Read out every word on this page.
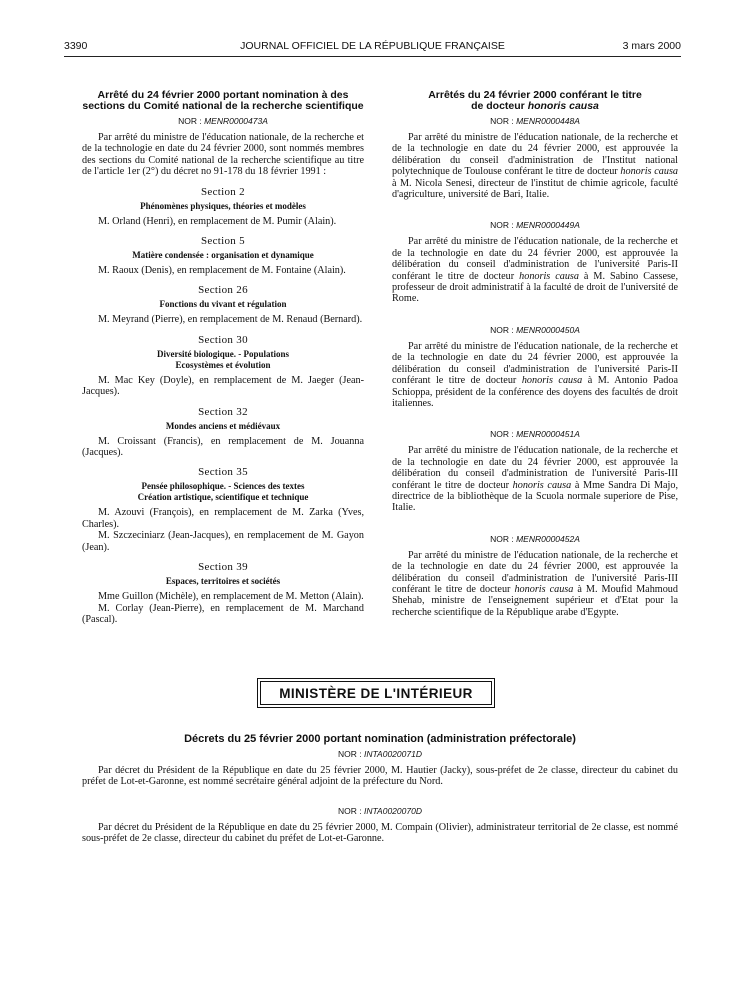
3390	JOURNAL OFFICIEL DE LA RÉPUBLIQUE FRANÇAISE	3 mars 2000
Arrêté du 24 février 2000 portant nomination à des sections du Comité national de la recherche scientifique
NOR : MENR0000473A

Par arrêté du ministre de l'éducation nationale, de la recherche et de la technologie en date du 24 février 2000, sont nommés membres des sections du Comité national de la recherche scientifique au titre de l'article 1er (2°) du décret no 91-178 du 18 février 1991 :

Section 2
Phénomènes physiques, théories et modèles

M. Orland (Henri), en remplacement de M. Pumir (Alain).

Section 5
Matière condensée : organisation et dynamique

M. Raoux (Denis), en remplacement de M. Fontaine (Alain).

Section 26
Fonctions du vivant et régulation

M. Meyrand (Pierre), en remplacement de M. Renaud (Bernard).

Section 30
Diversité biologique. - Populations
Ecosystèmes et évolution

M. Mac Key (Doyle), en remplacement de M. Jaeger (Jean-Jacques).

Section 32
Mondes anciens et médiévaux

M. Croissant (Francis), en remplacement de M. Jouanna (Jacques).

Section 35
Pensée philosophique. - Sciences des textes
Création artistique, scientifique et technique

M. Azouvi (François), en remplacement de M. Zarka (Yves, Charles).

M. Szczeciniarz (Jean-Jacques), en remplacement de M. Gayon (Jean).

Section 39
Espaces, territoires et sociétés

Mme Guillon (Michèle), en remplacement de M. Metton (Alain).

M. Corlay (Jean-Pierre), en remplacement de M. Marchand (Pascal).

Arrêtés du 24 février 2000 conférant le titre
de docteur honoris causa
NOR : MENR0000448A

Par arrêté du ministre de l'éducation nationale, de la recherche et de la technologie en date du 24 février 2000, est approuvée la délibération du conseil d'administration de l'Institut national polytechnique de Toulouse conférant le titre de docteur honoris causa à M. Nicola Senesi, directeur de l'institut de chimie agricole, faculté d'agriculture, université de Bari, Italie.

NOR : MENR0000449A

Par arrêté du ministre de l'éducation nationale, de la recherche et de la technologie en date du 24 février 2000, est approuvée la délibération du conseil d'administration de l'université Paris-II conférant le titre de docteur honoris causa à M. Sabino Cassese, professeur de droit administratif à la faculté de droit de l'université de Rome.

NOR : MENR0000450A

Par arrêté du ministre de l'éducation nationale, de la recherche et de la technologie en date du 24 février 2000, est approuvée la délibération du conseil d'administration de l'université Paris-II conférant le titre de docteur honoris causa à M. Antonio Padoa Schioppa, président de la conférence des doyens des facultés de droit italiennes.

NOR : MENR0000451A

Par arrêté du ministre de l'éducation nationale, de la recherche et de la technologie en date du 24 février 2000, est approuvée la délibération du conseil d'administration de l'université Paris-III conférant le titre de docteur honoris causa à Mme Sandra Di Majo, directrice de la bibliothèque de la Scuola normale superiore de Pise, Italie.

NOR : MENR0000452A

Par arrêté du ministre de l'éducation nationale, de la recherche et de la technologie en date du 24 février 2000, est approuvée la délibération du conseil d'administration de l'université Paris-III conférant le titre de docteur honoris causa à M. Moufid Mahmoud Shehab, ministre de l'enseignement supérieur et d'Etat pour la recherche scientifique de la République arabe d'Egypte.

MINISTÈRE DE L'INTÉRIEUR
Décrets du 25 février 2000 portant nomination (administration préfectorale)
NOR : INTA0020071D

Par décret du Président de la République en date du 25 février 2000, M. Hautier (Jacky), sous-préfet de 2e classe, directeur du cabinet du préfet de Lot-et-Garonne, est nommé secrétaire général adjoint de la préfecture du Nord.

NOR : INTA0020070D

Par décret du Président de la République en date du 25 février 2000, M. Compain (Olivier), administrateur territorial de 2e classe, est nommé sous-préfet de 2e classe, directeur du cabinet du préfet de Lot-et-Garonne.
